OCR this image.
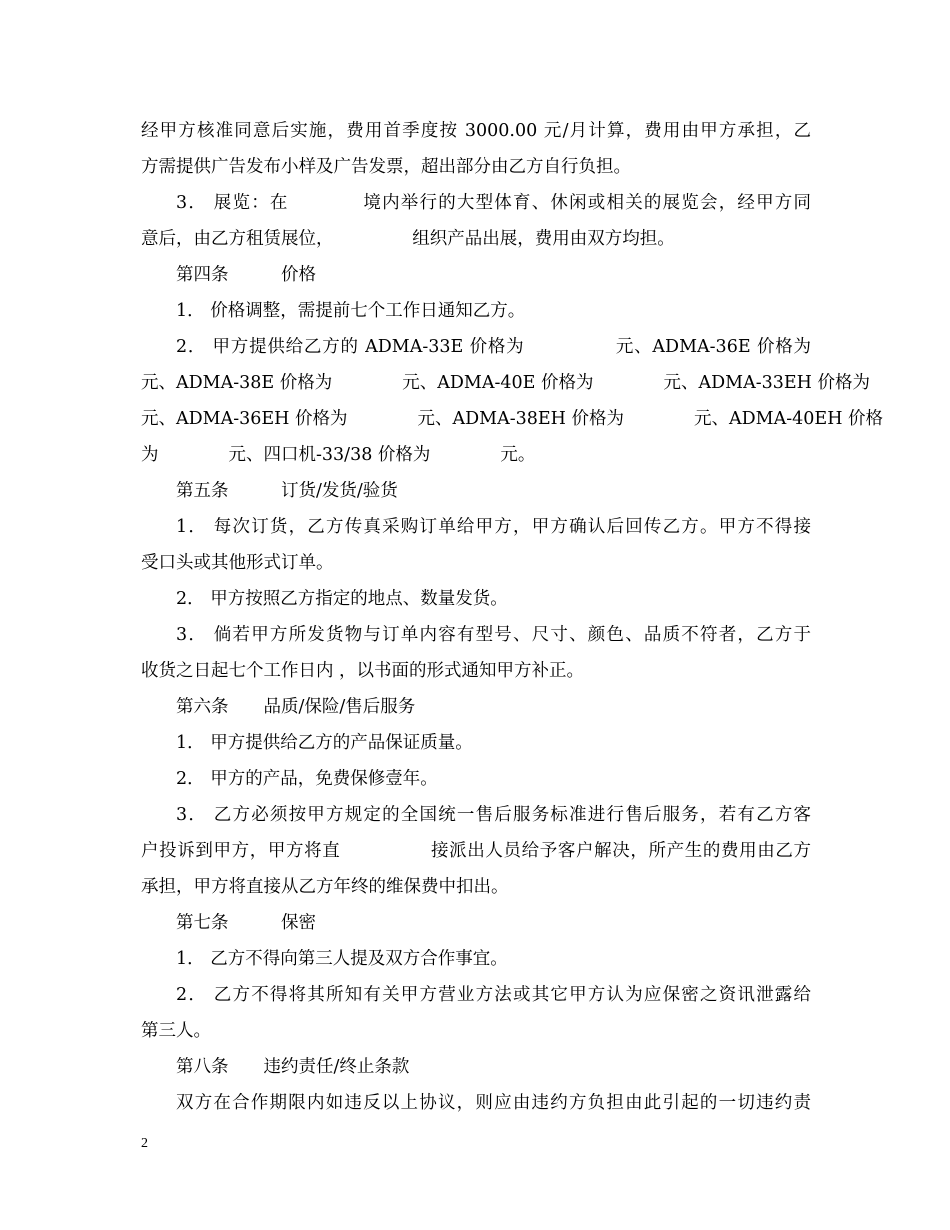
经甲方核准同意后实施，费用首季度按 3000.00 元/月计算，费用由甲方承担，乙
方需提供广告发布小样及广告发票，超出部分由乙方自行负担。
3． 展览：在　　　　境内举行的大型体育、休闲或相关的展览会，经甲方同
意后，由乙方租赁展位，　　　　　组织产品出展，费用由双方均担。
第四条　　　价格
1． 价格调整，需提前七个工作日通知乙方。
2． 甲方提供给乙方的 ADMA-33E 价格为　　　　　元、ADMA-36E 价格为
元、ADMA-38E 价格为　　　　元、ADMA-40E 价格为　　　　元、ADMA-33EH 价格为
元、ADMA-36EH 价格为　　　　元、ADMA-38EH 价格为　　　　元、ADMA-40EH 价格
为　　　　元、四口机-33/38 价格为　　　　元。
第五条　　　订货/发货/验货
1． 每次订货，乙方传真采购订单给甲方，甲方确认后回传乙方。甲方不得接
受口头或其他形式订单。
2． 甲方按照乙方指定的地点、数量发货。
3． 倘若甲方所发货物与订单内容有型号、尺寸、颜色、品质不符者，乙方于
收货之日起七个工作日内 ，以书面的形式通知甲方补正。
第六条　　品质/保险/售后服务
1． 甲方提供给乙方的产品保证质量。
2． 甲方的产品，免费保修壹年。
3． 乙方必须按甲方规定的全国统一售后服务标准进行售后服务，若有乙方客
户投诉到甲方，甲方将直　　　　　接派出人员给予客户解决，所产生的费用由乙方
承担，甲方将直接从乙方年终的维保费中扣出。
第七条　　　保密
1． 乙方不得向第三人提及双方合作事宜。
2． 乙方不得将其所知有关甲方营业方法或其它甲方认为应保密之资讯泄露给
第三人。
第八条　　违约责任/终止条款
双方在合作期限内如违反以上协议，则应由违约方负担由此引起的一切违约责
2
